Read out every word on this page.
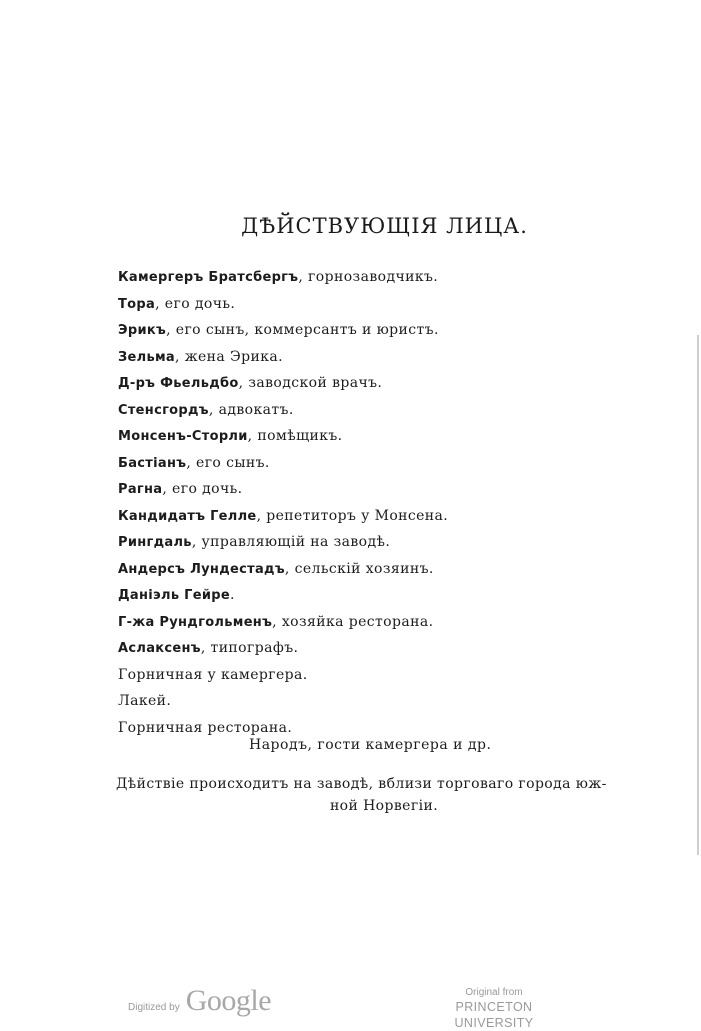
ДѢЙСТВУЮЩІЯ ЛИЦА.
Камергеръ Братсбергъ, горнозаводчикъ.
Тора, его дочь.
Эрикъ, его сынъ, коммерсантъ и юристъ.
Зельма, жена Эрика.
Д-ръ Фьельдбо, заводской врачъ.
Стенсгордъ, адвокатъ.
Монсенъ-Сторли, помѣщикъ.
Бастіанъ, его сынъ.
Рагна, его дочь.
Кандидатъ Гелле, репетиторъ у Монсена.
Рингдаль, управляющій на заводѣ.
Андерсъ Лундестадъ, сельскій хозяинъ.
Даніэль Гейре.
Г-жа Рундгольменъ, хозяйка ресторана.
Аслаксенъ, типографъ.
Горничная у камергера.
Лакей.
Горничная ресторана.
Народъ, гости камергера и др.
Дѣйствіе происходитъ на заводѣ, вблизи торговаго города юж-
ной Норвегіи.
Digitized by Google	Original from
PRINCETON UNIVERSITY
